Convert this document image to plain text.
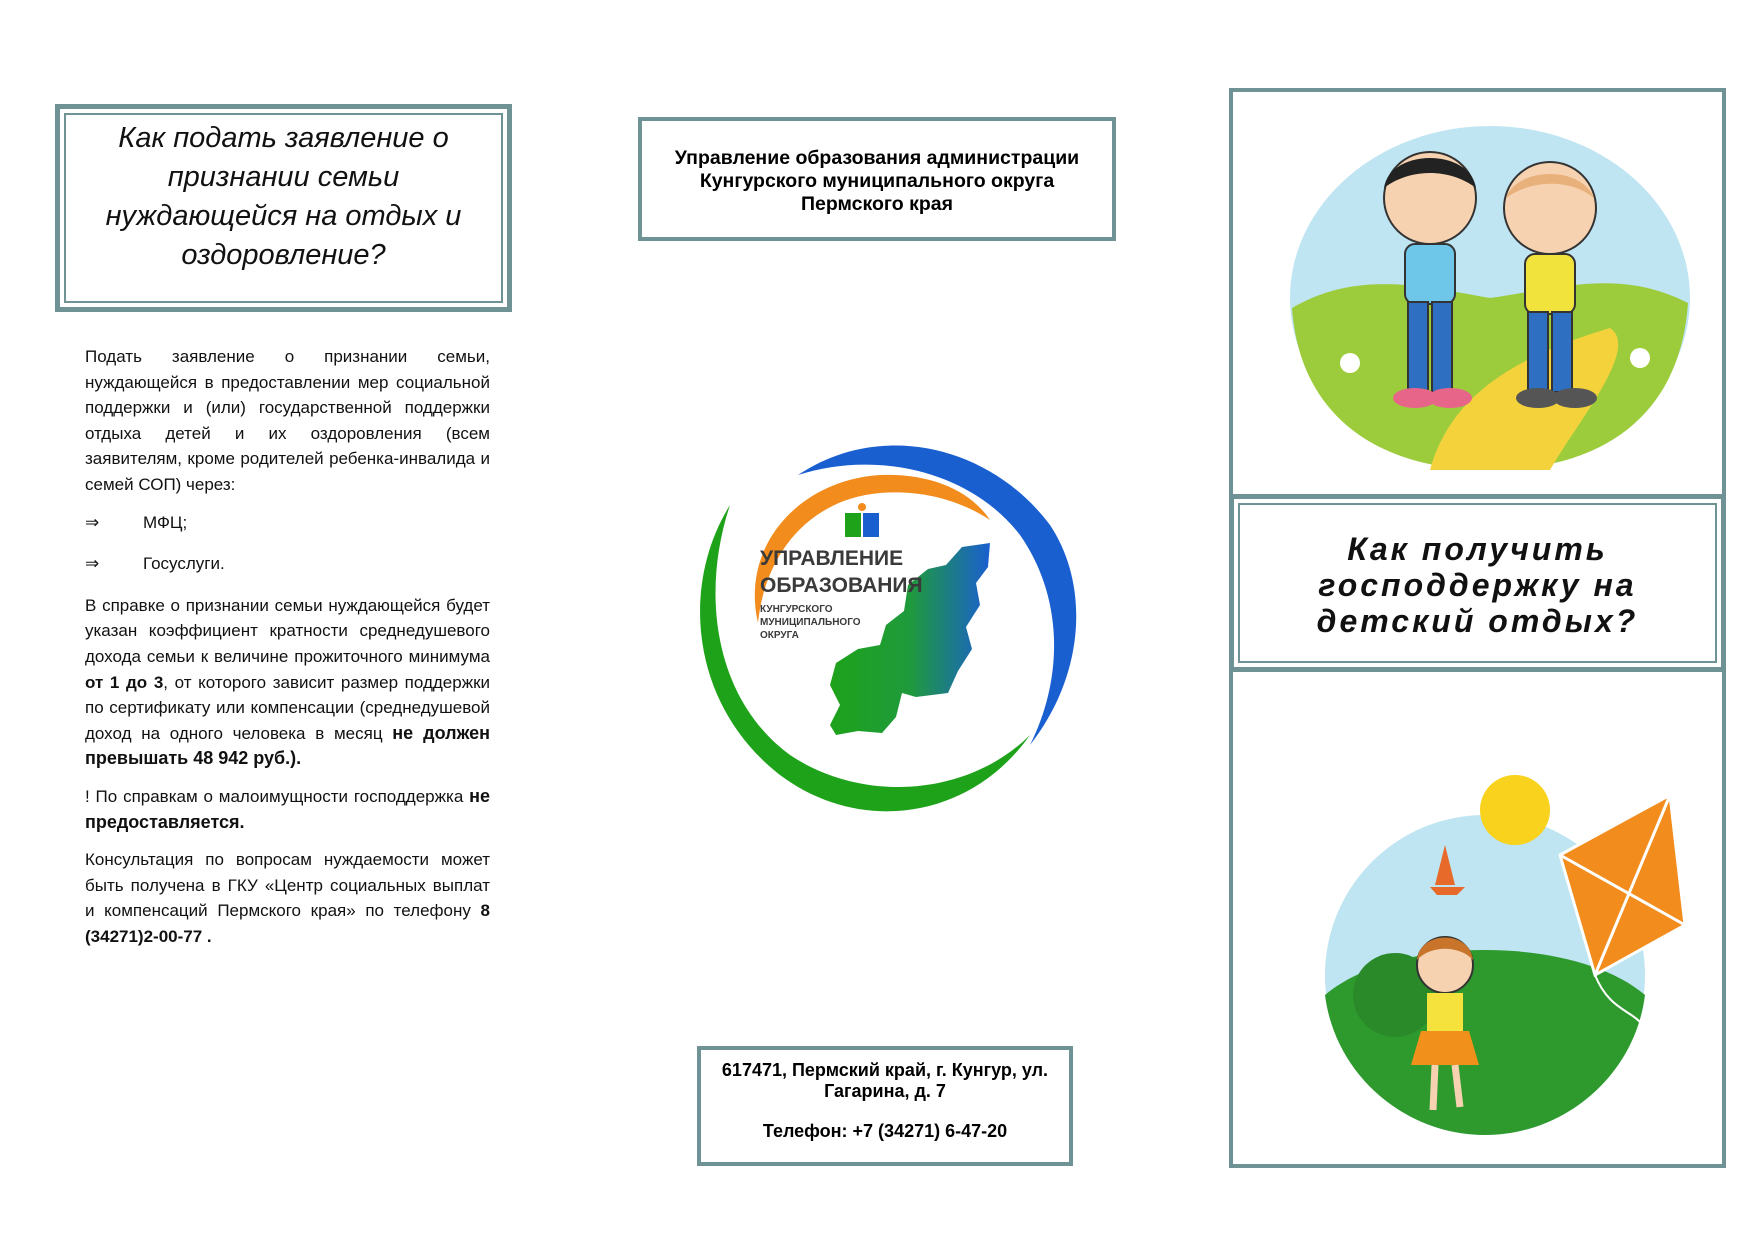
Как подать заявление о признании семьи нуждающейся на отдых и оздоровление?

Подать заявление о признании семьи, нуждающейся в предоставлении мер социальной поддержки и (или) государственной поддержки отдыха детей и их оздоровления (всем заявителям, кроме родителей ребенка-инвалида и семей СОП) через:

⇒	МФЦ;
⇒	Госуслуги.

В справке о признании семьи нуждающейся будет указан коэффициент кратности среднедушевого дохода семьи к величине прожиточного минимума от 1 до 3, от которого зависит размер поддержки по сертификату или компенсации (среднедушевой доход на одного человека в месяц не должен превышать 48 942 руб.).

! По справкам о малоимущности господдержка не предоставляется.

Консультация по вопросам нуждаемости может быть получена в ГКУ «Центр социальных выплат и компенсаций Пермского края» по телефону 8 (34271)2-00-77 .

Управление образования администрации Кунгурского муниципального округа Пермского края
УПРАВЛЕНИЕ
ОБРАЗОВАНИЯ
КУНГУРСКОГО
МУНИЦИПАЛЬНОГО
ОКРУГА
617471, Пермский край, г. Кунгур, ул. Гагарина, д. 7
Телефон: +7 (34271) 6-47-20
Как получить господдержку на детский отдых?
